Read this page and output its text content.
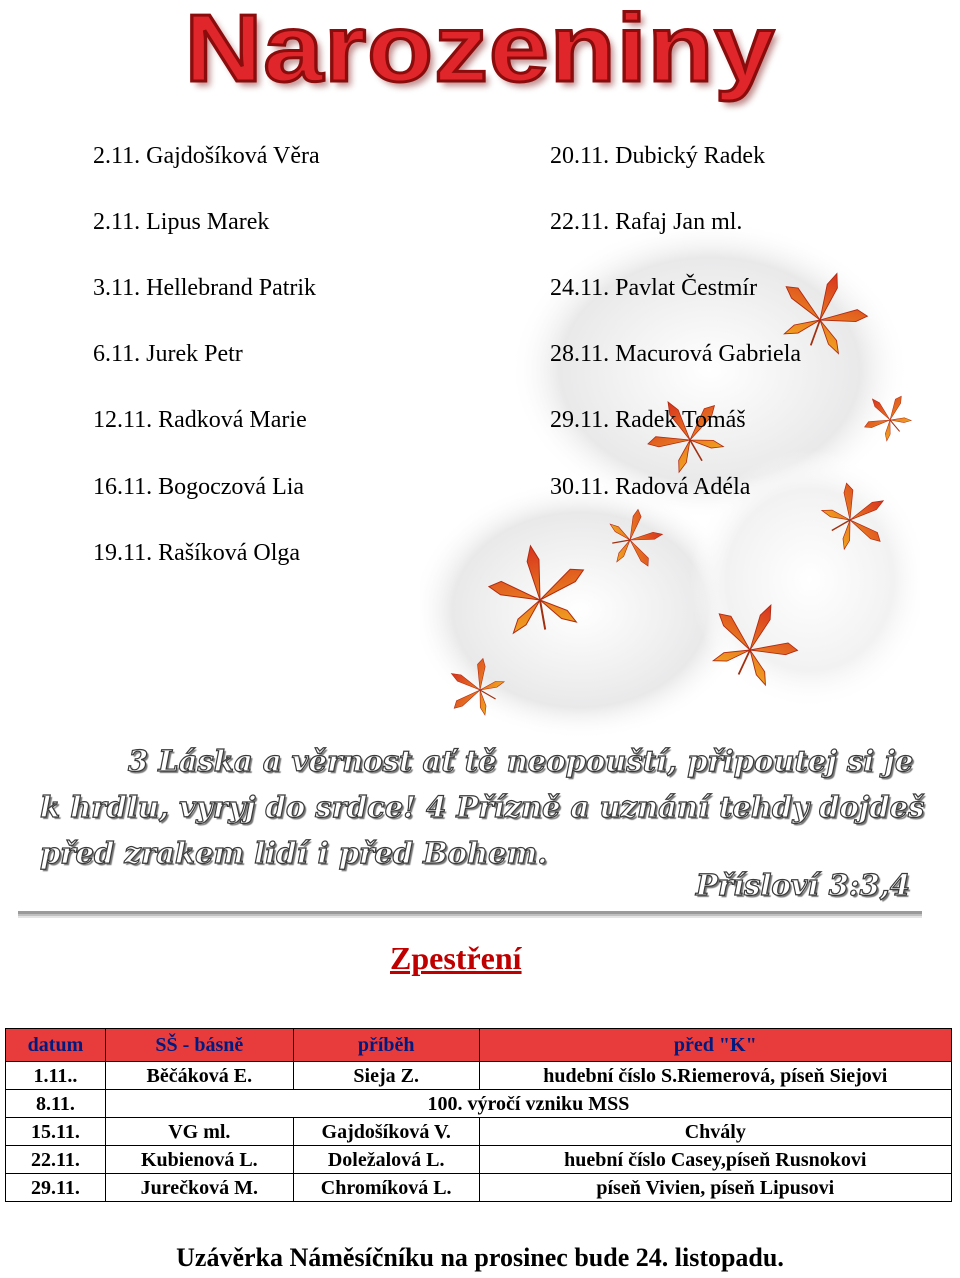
Narozeniny
2.11. Gajdošíková Věra
2.11. Lipus Marek
3.11. Hellebrand Patrik
6.11. Jurek Petr
12.11. Radková Marie
16.11. Bogoczová Lia
19.11. Rašíková Olga
20.11. Dubický Radek
22.11. Rafaj Jan ml.
24.11. Pavlat Čestmír
28.11. Macurová Gabriela
29.11. Radek Tomáš
30.11. Radová Adéla
3 Láska a věrnost ať tě neopouští, připoutej si je k hrdlu, vyryj do srdce! 4 Přízně a uznání tehdy dojdeš před zrakem lidí i před Bohem.
Přísloví 3:3,4
Zpestření
datum	SŠ - básně	příběh	před "K"
1.11..	Běčáková E.	Sieja Z.	hudební číslo S.Riemerová, píseň Siejovi
8.11.	100. výročí vzniku MSS		
15.11.	VG ml.	Gajdošíková V.	Chvály
22.11.	Kubienová L.	Doležalová L.	huební číslo Casey,píseň Rusnokovi
29.11.	Jurečková M.	Chromíková L.	píseň Vivien, píseň Lipusovi
Uzávěrka Náměsíčníku na prosinec bude 24. listopadu.
